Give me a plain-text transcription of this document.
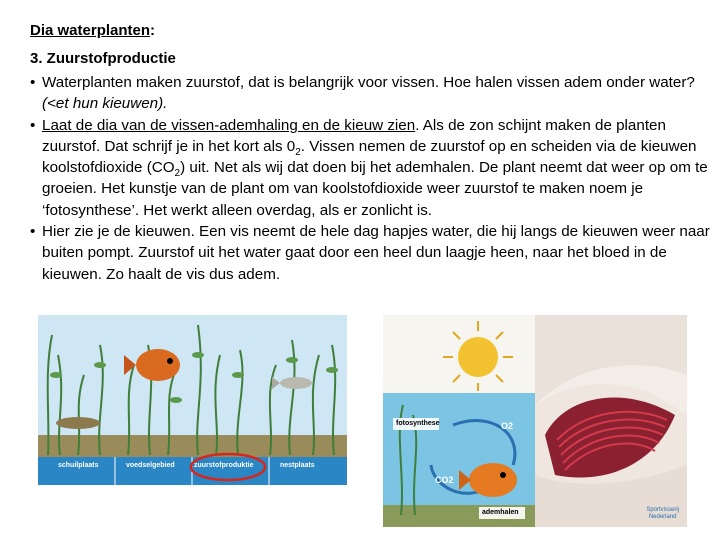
Dia waterplanten:
3. Zuurstofproductie
• Waterplanten maken zuurstof, dat is belangrijk voor vissen. Hoe halen vissen adem onder water? (<et hun kieuwen).
• Laat de dia van de vissen-ademhaling en de kieuw zien. Als de zon schijnt maken de planten zuurstof. Dat schrijf je in het kort als $0_2$. Vissen nemen de zuurstof op en scheiden via de kieuwen koolstofdioxide $(CO_2)$ uit. Net als wij dat doen bij het ademhalen. De plant neemt dat weer op om te groeien. Het kunstje van de plant om van koolstofdioxide weer zuurstof te maken noem je ‘fotosynthese’. Het werkt alleen overdag, als er zonlicht is.
• Hier zie je de kieuwen. Een vis neemt de hele dag hapjes water, die hij langs de kieuwen weer naar buiten pompt. Zuurstof uit het water gaat door een heel dun laagje heen, naar het bloed in de kieuwen. Zo haalt de vis dus adem.
schuilplaats	voedselgebied	zuurstofproduktie	nestplaats
fotosynthese	O2
CO2
ademhalen	Sportvisserij
Nederland
